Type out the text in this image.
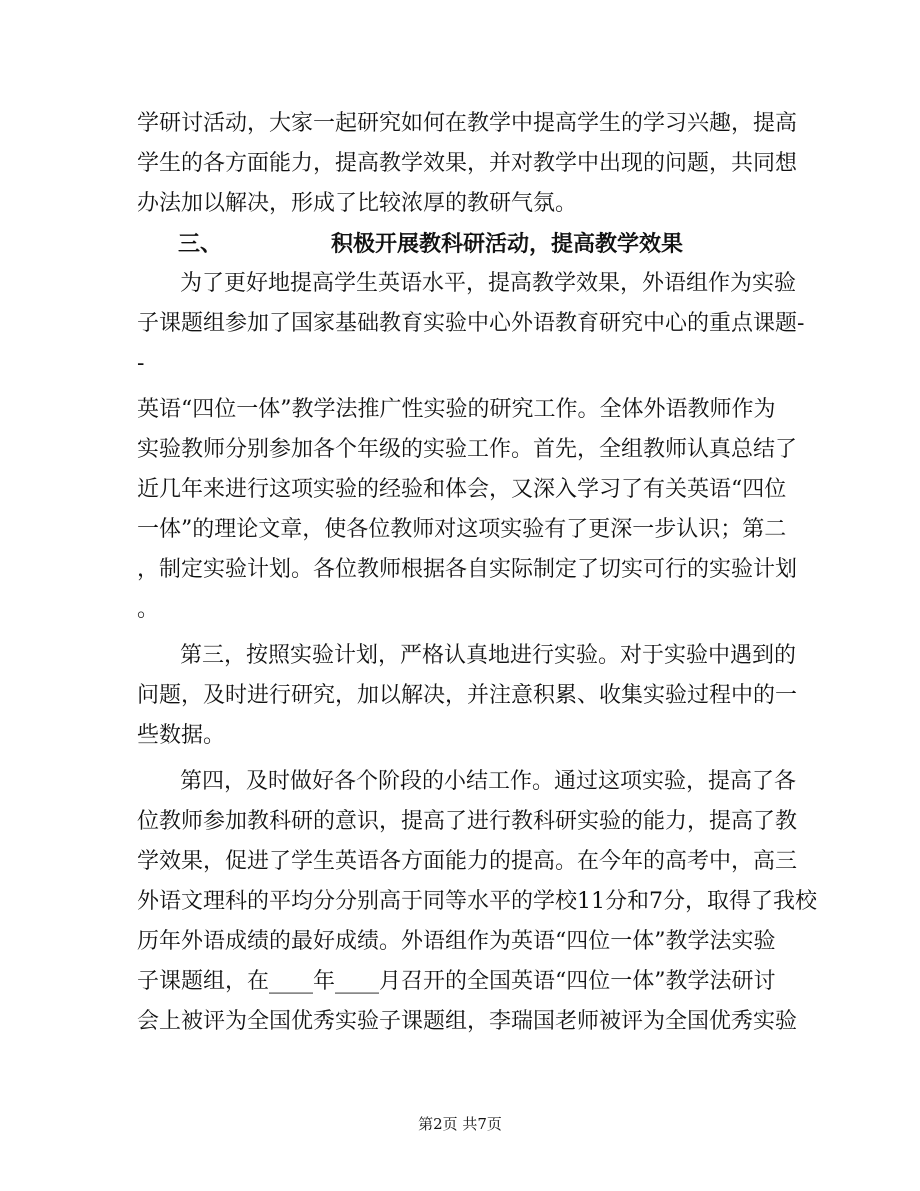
学研讨活动，大家一起研究如何在教学中提高学生的学习兴趣，提高
学生的各方面能力，提高教学效果，并对教学中出现的问题，共同想
办法加以解决，形成了比较浓厚的教研气氛。
三、	积极开展教科研活动，提高教学效果
为了更好地提高学生英语水平，提高教学效果，外语组作为实验
子课题组参加了国家基础教育实验中心外语教育研究中心的重点课题-
-
英语“四位一体”教学法推广性实验的研究工作。全体外语教师作为
实验教师分别参加各个年级的实验工作。首先，全组教师认真总结了
近几年来进行这项实验的经验和体会，又深入学习了有关英语“四位
一体”的理论文章，使各位教师对这项实验有了更深一步认识；第二
，制定实验计划。各位教师根据各自实际制定了切实可行的实验计划
。
第三，按照实验计划，严格认真地进行实验。对于实验中遇到的
问题，及时进行研究，加以解决，并注意积累、收集实验过程中的一
些数据。
第四，及时做好各个阶段的小结工作。通过这项实验，提高了各
位教师参加教科研的意识，提高了进行教科研实验的能力，提高了教
学效果，促进了学生英语各方面能力的提高。在今年的高考中，高三
外语文理科的平均分分别高于同等水平的学校11分和7分，取得了我校
历年外语成绩的最好成绩。外语组作为英语“四位一体”教学法实验
子课题组，在____年____月召开的全国英语“四位一体”教学法研讨
会上被评为全国优秀实验子课题组，李瑞国老师被评为全国优秀实验
第2页 共7页
